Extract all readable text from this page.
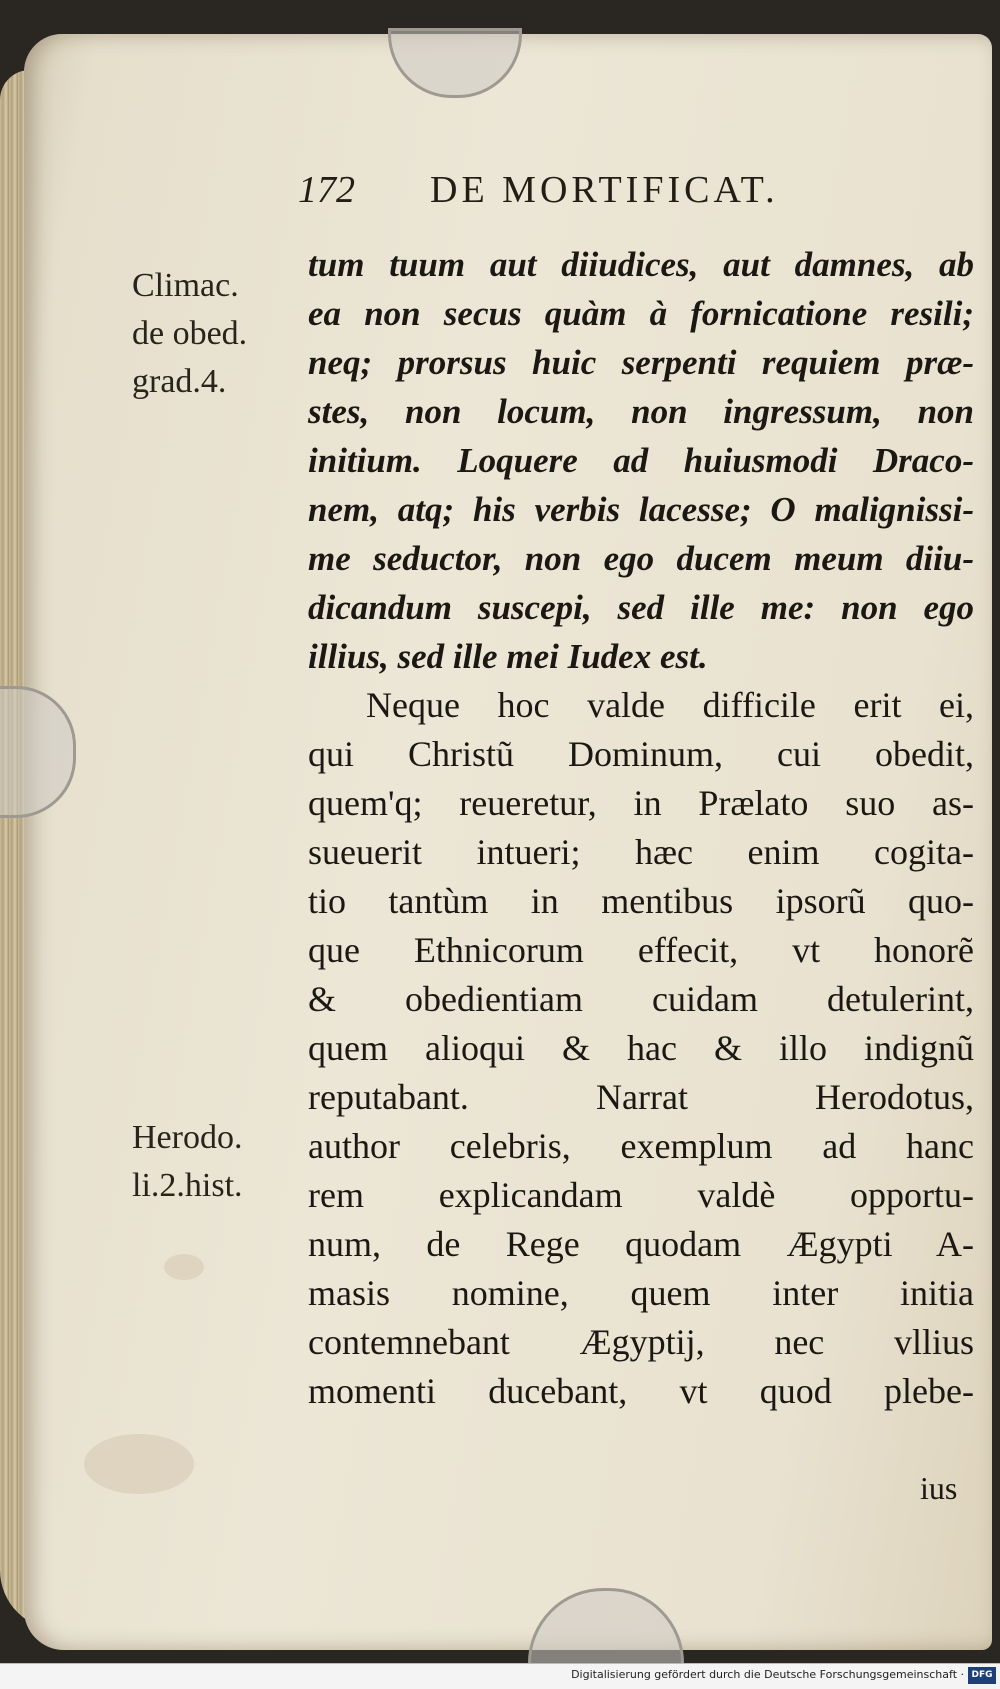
172 DE MORTIFICAT.
Climac.
de obed.
grad.4.
Herodo.
li.2.hist.
tum tuum aut diiudices, aut damnes, ab
ea non secus quàm à fornicatione resili;
neq; prorsus huic serpenti requiem præ-
stes, non locum, non ingressum, non
initium. Loquere ad huiusmodi Draco-
nem, atq; his verbis lacesse; O malignissi-
me seductor, non ego ducem meum diiu-
dicandum suscepi, sed ille me: non ego
illius, sed ille mei Iudex est.
Neque hoc valde difficile erit ei,
qui Christũ Dominum, cui obedit,
quem'q; reueretur, in Prælato suo as-
sueuerit intueri; hæc enim cogita-
tio tantùm in mentibus ipsorũ quo-
que Ethnicorum effecit, vt honorẽ
& obedientiam cuidam detulerint,
quem alioqui & hac & illo indignũ
reputabant. Narrat Herodotus,
author celebris, exemplum ad hanc
rem explicandam valdè opportu-
num, de Rege quodam Ægypti A-
masis nomine, quem inter initia
contemnebant Ægyptij, nec vllius
momenti ducebant, vt quod plebe-
ius
Digitalisierung gefördert durch die Deutsche Forschungsgemeinschaft · DFG
